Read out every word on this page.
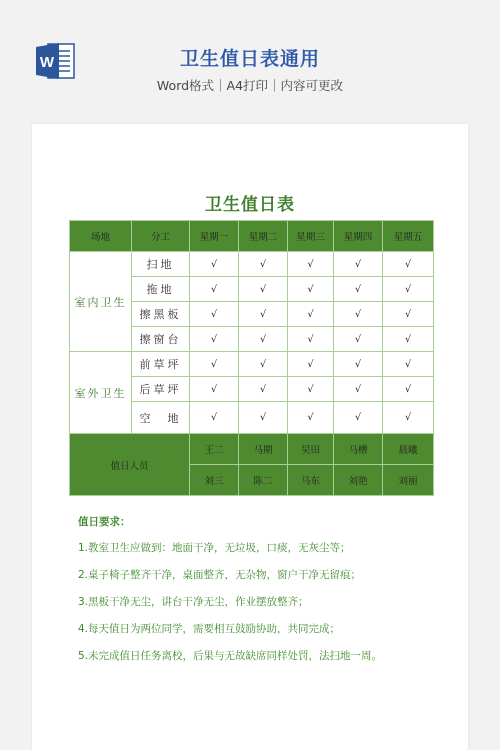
W	卫生值日表通用
Word格式｜A4打印｜内容可更改
卫生值日表
场地	分工	星期一	星期二	星期三	星期四	星期五
室内卫生	扫地	√	√	√	√	√
	拖地	√	√	√	√	√
	擦黑板	√	√	√	√	√
	擦窗台	√	√	√	√	√
室外卫生	前草坪	√	√	√	√	√
	后草坪	√	√	√	√	√
	空　地	√	√	√	√	√
值日人员		王二	马期	吴田	马槽	晨曦
		刘三	陈二	马东	刘艳	刘丽
值日要求：
1.教室卫生应做到：地面干净，无垃圾，口痰，无灰尘等；
2.桌子椅子整齐干净，桌面整齐，无杂物，窗户干净无留痕；
3.黑板干净无尘，讲台干净无尘，作业摆放整齐；
4.每天值日为两位同学，需要相互鼓励协助，共同完成；
5.未完成值日任务离校，后果与无故缺席同样处罚，法扫地一周。
